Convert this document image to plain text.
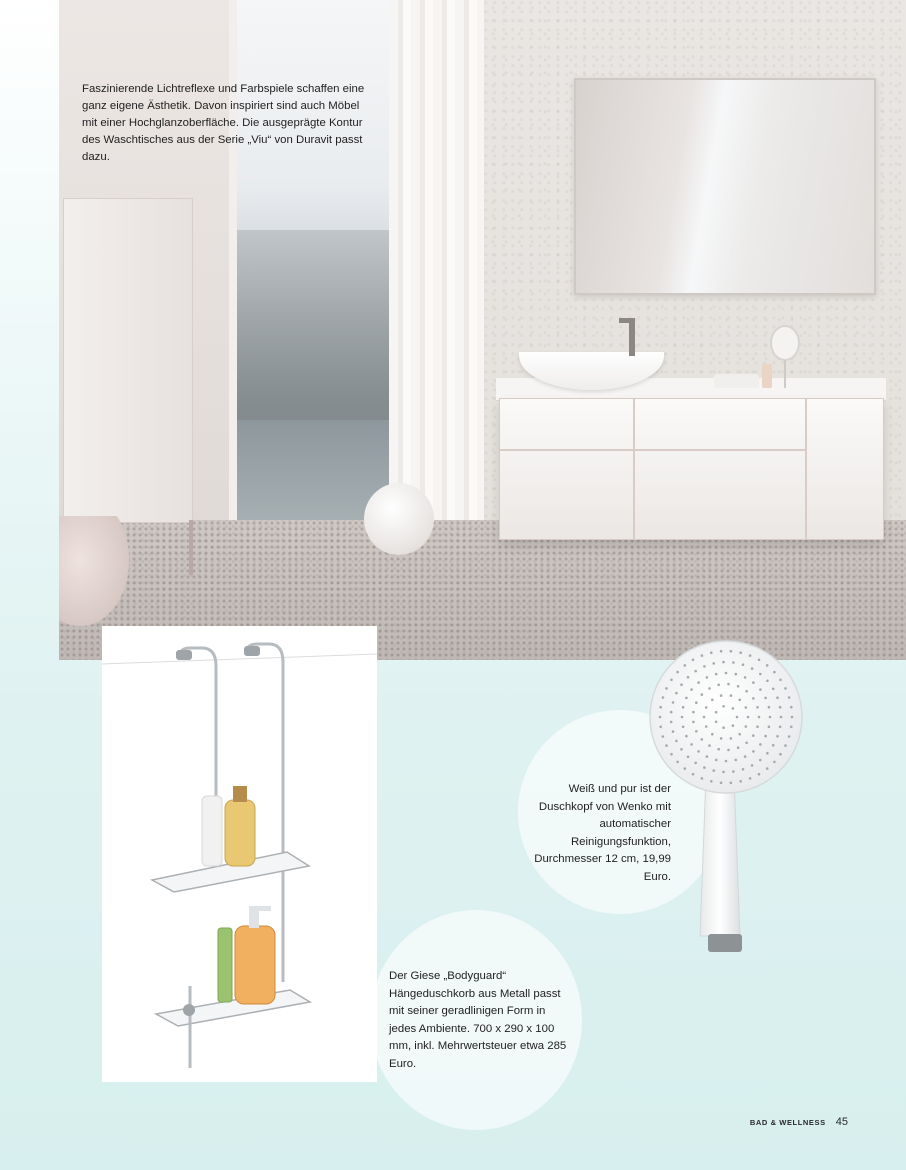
Faszinierende Lichtreflexe und Farbspiele schaffen eine ganz eigene Ästhetik. Davon inspiriert sind auch Möbel mit einer Hochglanzoberfläche. Die ausgeprägte Kontur des Waschtisches aus der Serie „Viu“ von Duravit passt dazu.

Weiß und pur ist der Duschkopf von Wenko mit automatischer Reinigungsfunktion, Durchmesser 12 cm, 19,99 Euro.

Der Giese „Bodyguard“ Hängeduschkorb aus Metall passt mit seiner geradlinigen Form in jedes Ambiente. 700 x 290 x 100 mm, inkl. Mehrwertsteuer etwa 285 Euro.

BAD & WELLNESS 45
